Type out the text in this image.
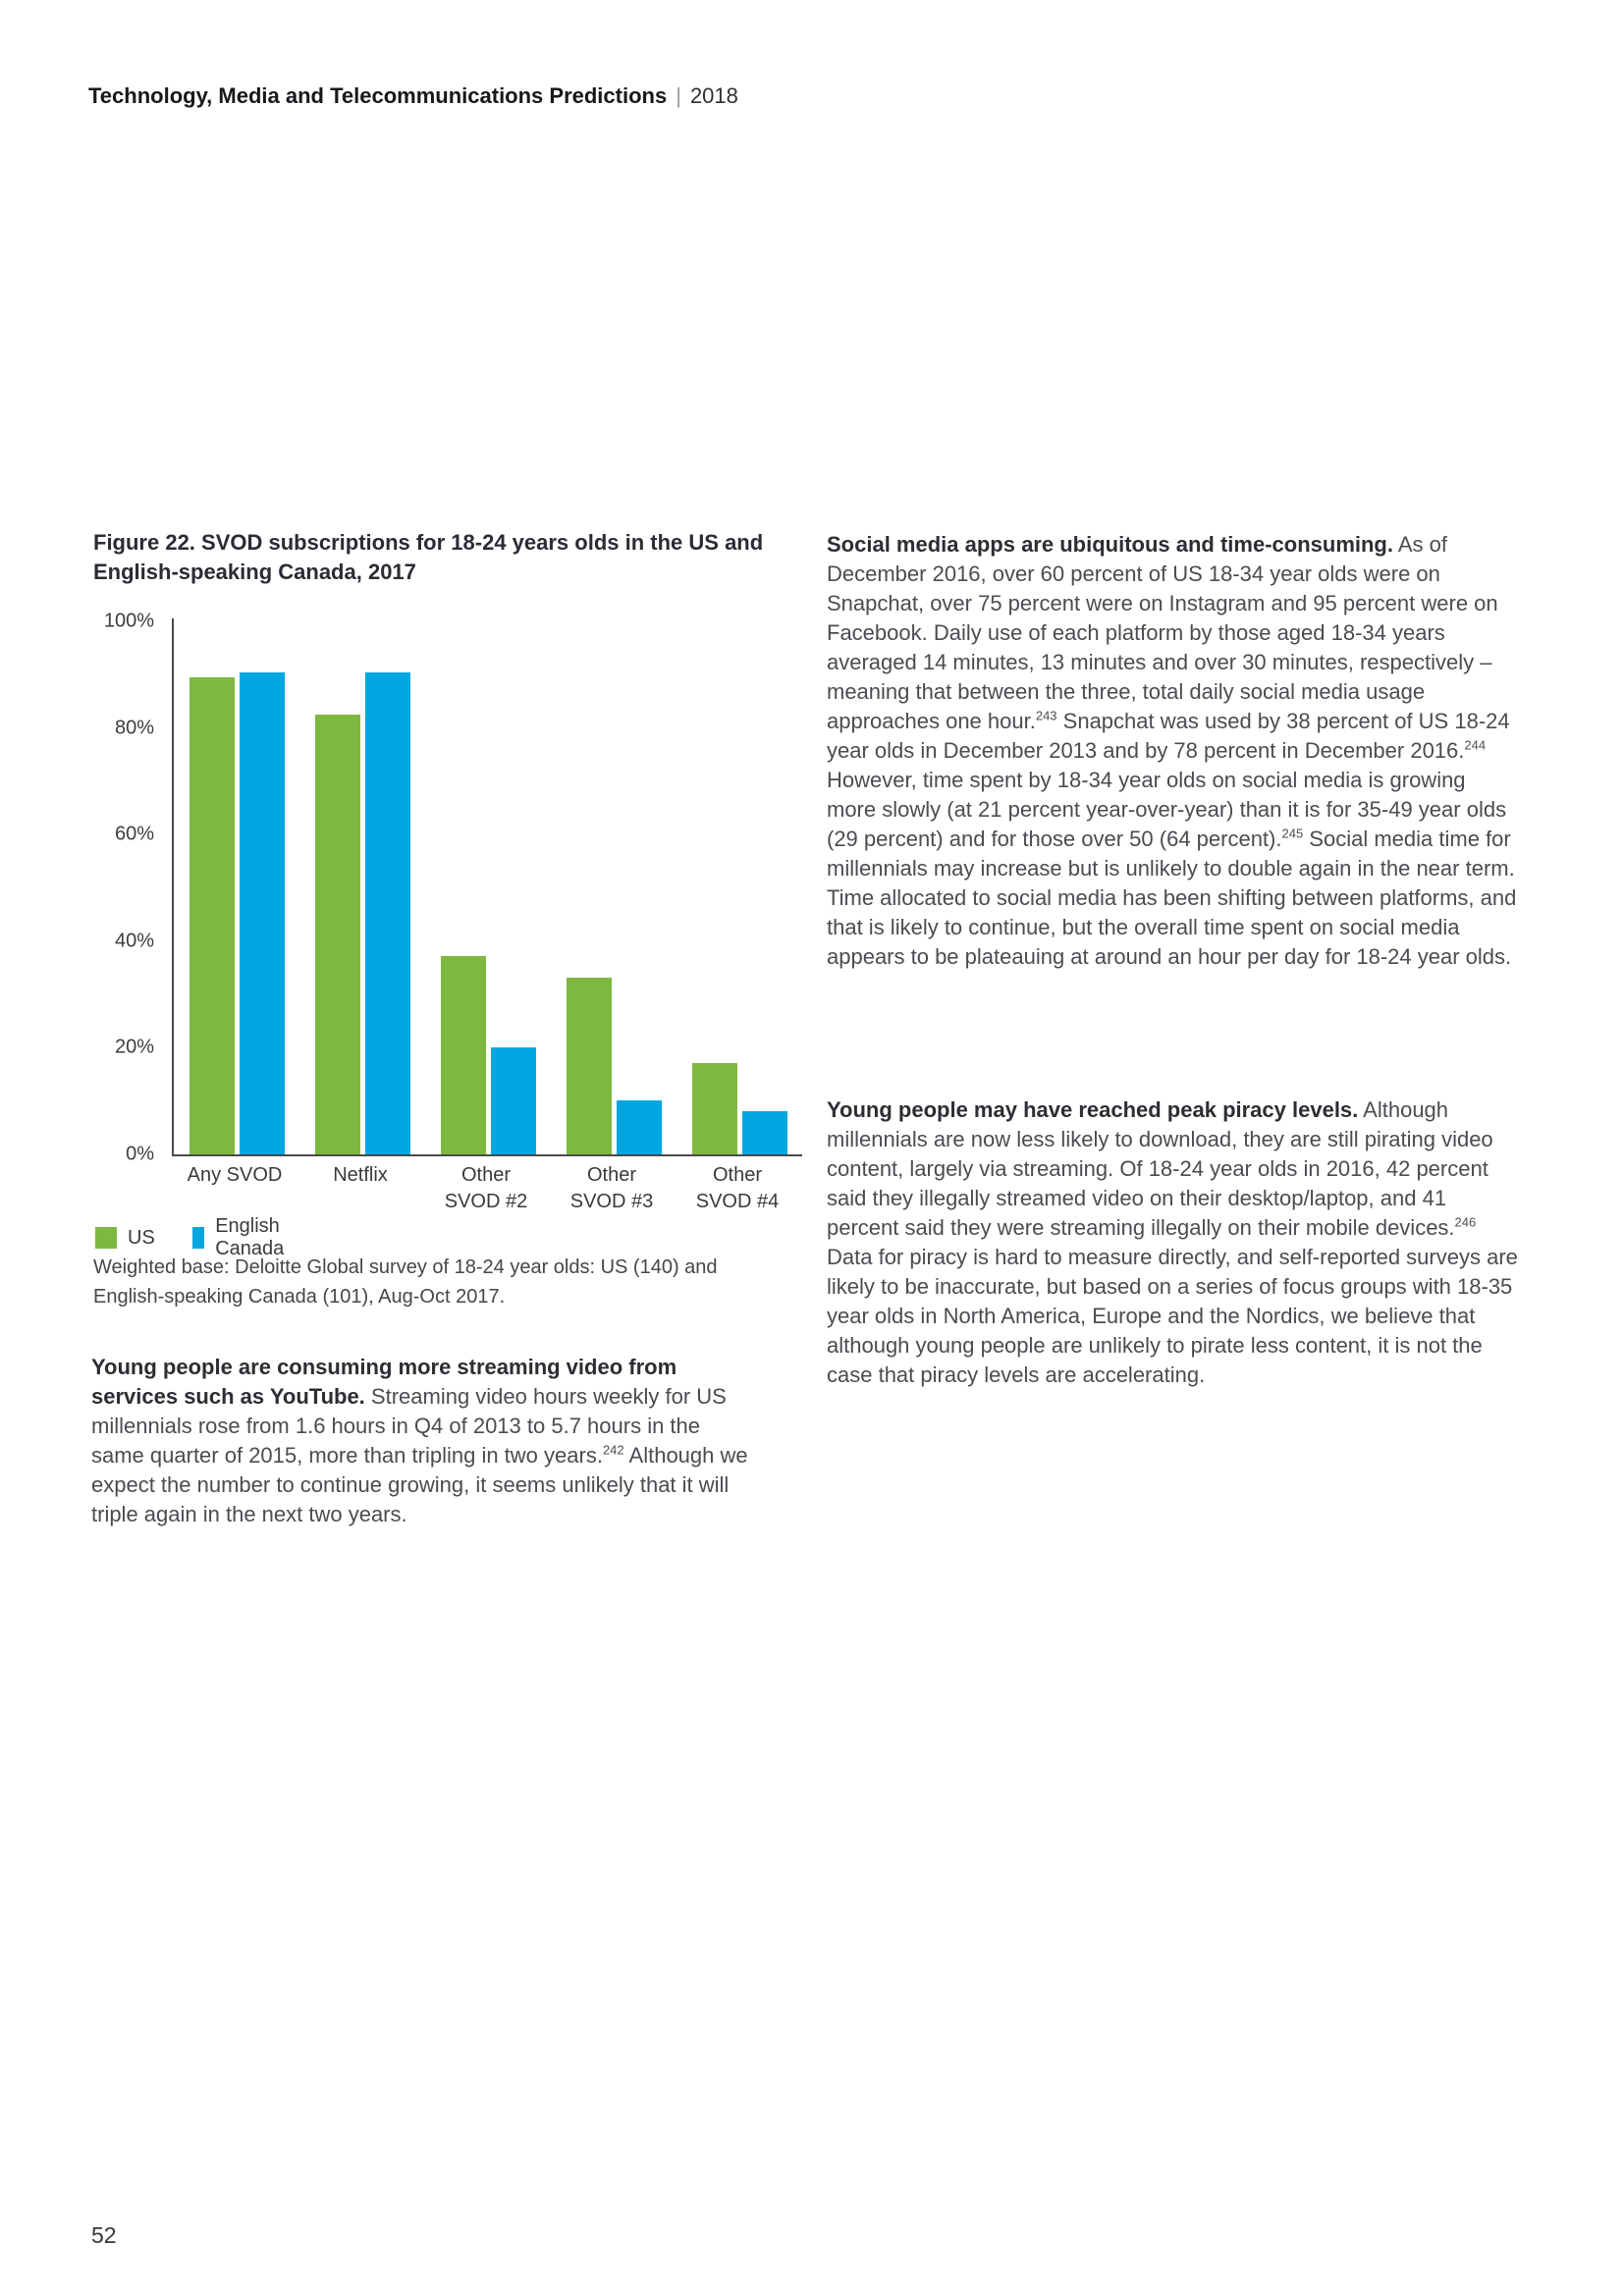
Technology, Media and Telecommunications Predictions | 2018
Figure 22. SVOD subscriptions for 18-24 years olds in the US and English-speaking Canada, 2017
100%
80%
60%
40%
20%
0%
Any SVOD	Netflix	Other
SVOD #2
Other
SVOD #3
Other
SVOD #4
US
English Canada
Weighted base: Deloitte Global survey of 18-24 year olds: US (140) and English-speaking Canada (101), Aug-Oct 2017.
Young people are consuming more streaming video from services such as YouTube. Streaming video hours weekly for US millennials rose from 1.6 hours in Q4 of 2013 to 5.7 hours in the same quarter of 2015, more than tripling in two years.$^{242}$ Although we expect the number to continue growing, it seems unlikely that it will triple again in the next two years.
Social media apps are ubiquitous and time-consuming. As of December 2016, over 60 percent of US 18-34 year olds were on Snapchat, over 75 percent were on Instagram and 95 percent were on Facebook. Daily use of each platform by those aged 18-34 years averaged 14 minutes, 13 minutes and over 30 minutes, respectively – meaning that between the three, total daily social media usage approaches one hour.$^{243}$ Snapchat was used by 38 percent of US 18-24 year olds in December 2013 and by 78 percent in December 2016.$^{244}$ However, time spent by 18-34 year olds on social media is growing more slowly (at 21 percent year-over-year) than it is for 35-49 year olds (29 percent) and for those over 50 (64 percent).$^{245}$ Social media time for millennials may increase but is unlikely to double again in the near term. Time allocated to social media has been shifting between platforms, and that is likely to continue, but the overall time spent on social media appears to be plateauing at around an hour per day for 18-24 year olds.
Young people may have reached peak piracy levels. Although millennials are now less likely to download, they are still pirating video content, largely via streaming. Of 18-24 year olds in 2016, 42 percent said they illegally streamed video on their desktop/laptop, and 41 percent said they were streaming illegally on their mobile devices.$^{246}$ Data for piracy is hard to measure directly, and self-reported surveys are likely to be inaccurate, but based on a series of focus groups with 18-35 year olds in North America, Europe and the Nordics, we believe that although young people are unlikely to pirate less content, it is not the case that piracy levels are accelerating.
52
